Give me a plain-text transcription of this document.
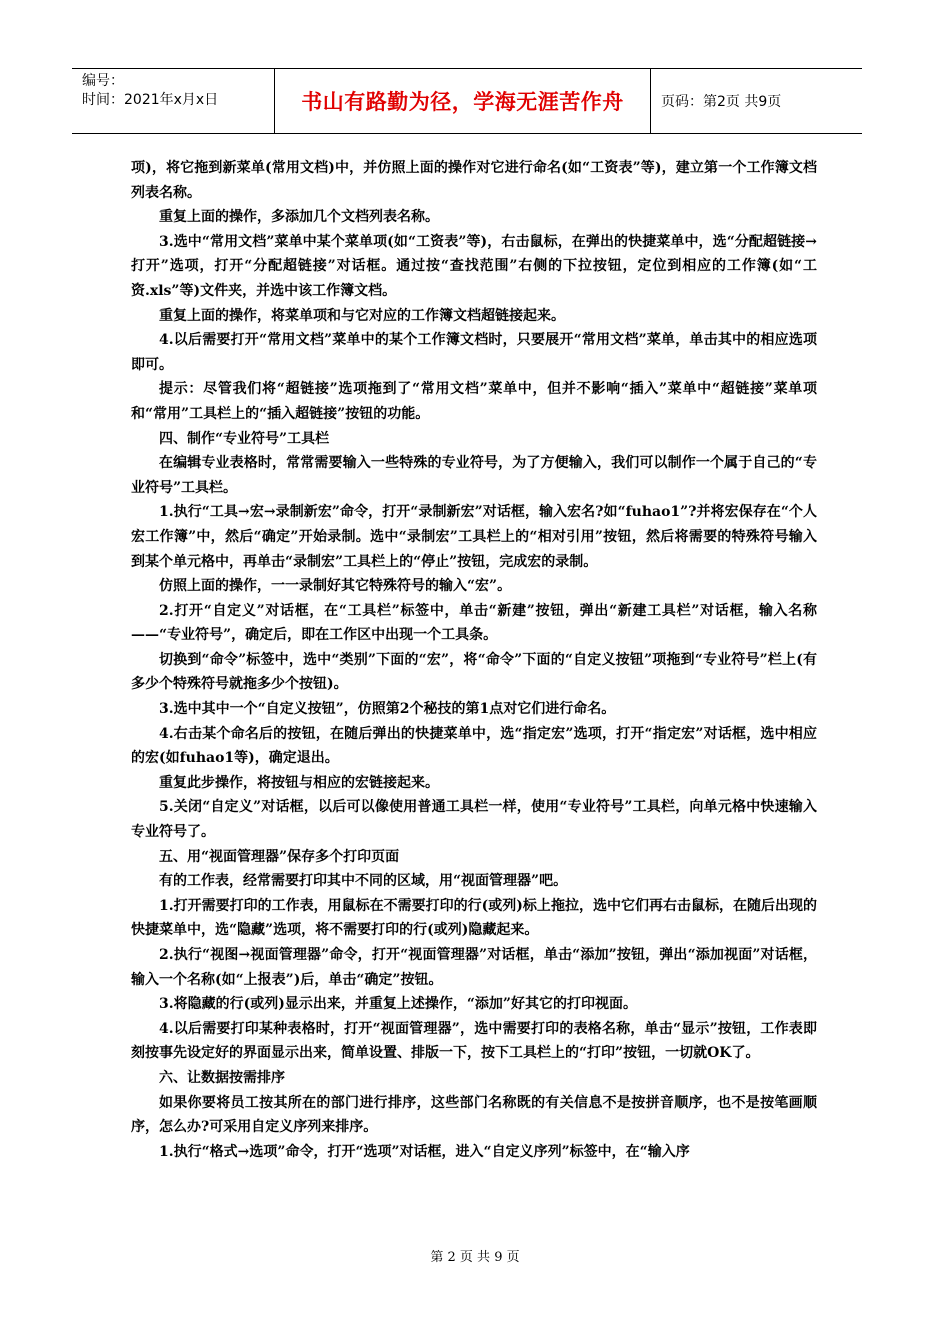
编号：
时间：2021年x月x日	书山有路勤为径，学海无涯苦作舟	页码：第2页 共9页

项)，将它拖到新菜单(常用文档)中，并仿照上面的操作对它进行命名(如“工资表”等)，建立第一个工作簿文档列表名称。

重复上面的操作，多添加几个文档列表名称。

3.选中“常用文档”菜单中某个菜单项(如“工资表”等)，右击鼠标，在弹出的快捷菜单中，选“分配超链接→打开”选项，打开“分配超链接”对话框。通过按“查找范围”右侧的下拉按钮，定位到相应的工作簿(如“工资.xls”等)文件夹，并选中该工作簿文档。

重复上面的操作，将菜单项和与它对应的工作簿文档超链接起来。

4.以后需要打开“常用文档”菜单中的某个工作簿文档时，只要展开“常用文档”菜单，单击其中的相应选项即可。

提示：尽管我们将“超链接”选项拖到了“常用文档”菜单中，但并不影响“插入”菜单中“超链接”菜单项和“常用”工具栏上的“插入超链接”按钮的功能。

四、制作“专业符号”工具栏

在编辑专业表格时，常常需要输入一些特殊的专业符号，为了方便输入，我们可以制作一个属于自己的“专业符号”工具栏。

1.执行“工具→宏→录制新宏”命令，打开“录制新宏”对话框，输入宏名?如“fuhao1”?并将宏保存在“个人宏工作簿”中，然后“确定”开始录制。选中“录制宏”工具栏上的“相对引用”按钮，然后将需要的特殊符号输入到某个单元格中，再单击“录制宏”工具栏上的“停止”按钮，完成宏的录制。

仿照上面的操作，一一录制好其它特殊符号的输入“宏”。

2.打开“自定义”对话框，在“工具栏”标签中，单击“新建”按钮，弹出“新建工具栏”对话框，输入名称——“专业符号”，确定后，即在工作区中出现一个工具条。

切换到“命令”标签中，选中“类别”下面的“宏”，将“命令”下面的“自定义按钮”项拖到“专业符号”栏上(有多少个特殊符号就拖多少个按钮)。

3.选中其中一个“自定义按钮”，仿照第2个秘技的第1点对它们进行命名。

4.右击某个命名后的按钮，在随后弹出的快捷菜单中，选“指定宏”选项，打开“指定宏”对话框，选中相应的宏(如fuhao1等)，确定退出。

重复此步操作，将按钮与相应的宏链接起来。

5.关闭“自定义”对话框，以后可以像使用普通工具栏一样，使用“专业符号”工具栏，向单元格中快速输入专业符号了。

五、用“视面管理器”保存多个打印页面

有的工作表，经常需要打印其中不同的区域，用“视面管理器”吧。

1.打开需要打印的工作表，用鼠标在不需要打印的行(或列)标上拖拉，选中它们再右击鼠标，在随后出现的快捷菜单中，选“隐藏”选项，将不需要打印的行(或列)隐藏起来。

2.执行“视图→视面管理器”命令，打开“视面管理器”对话框，单击“添加”按钮，弹出“添加视面”对话框，输入一个名称(如“上报表”)后，单击“确定”按钮。

3.将隐藏的行(或列)显示出来，并重复上述操作，“添加”好其它的打印视面。

4.以后需要打印某种表格时，打开“视面管理器”，选中需要打印的表格名称，单击“显示”按钮，工作表即刻按事先设定好的界面显示出来，简单设置、排版一下，按下工具栏上的“打印”按钮，一切就OK了。

六、让数据按需排序

如果你要将员工按其所在的部门进行排序，这些部门名称既的有关信息不是按拼音顺序，也不是按笔画顺序，怎么办?可采用自定义序列来排序。

1.执行“格式→选项”命令，打开“选项”对话框，进入“自定义序列”标签中，在“输入序

第 2 页 共 9 页
